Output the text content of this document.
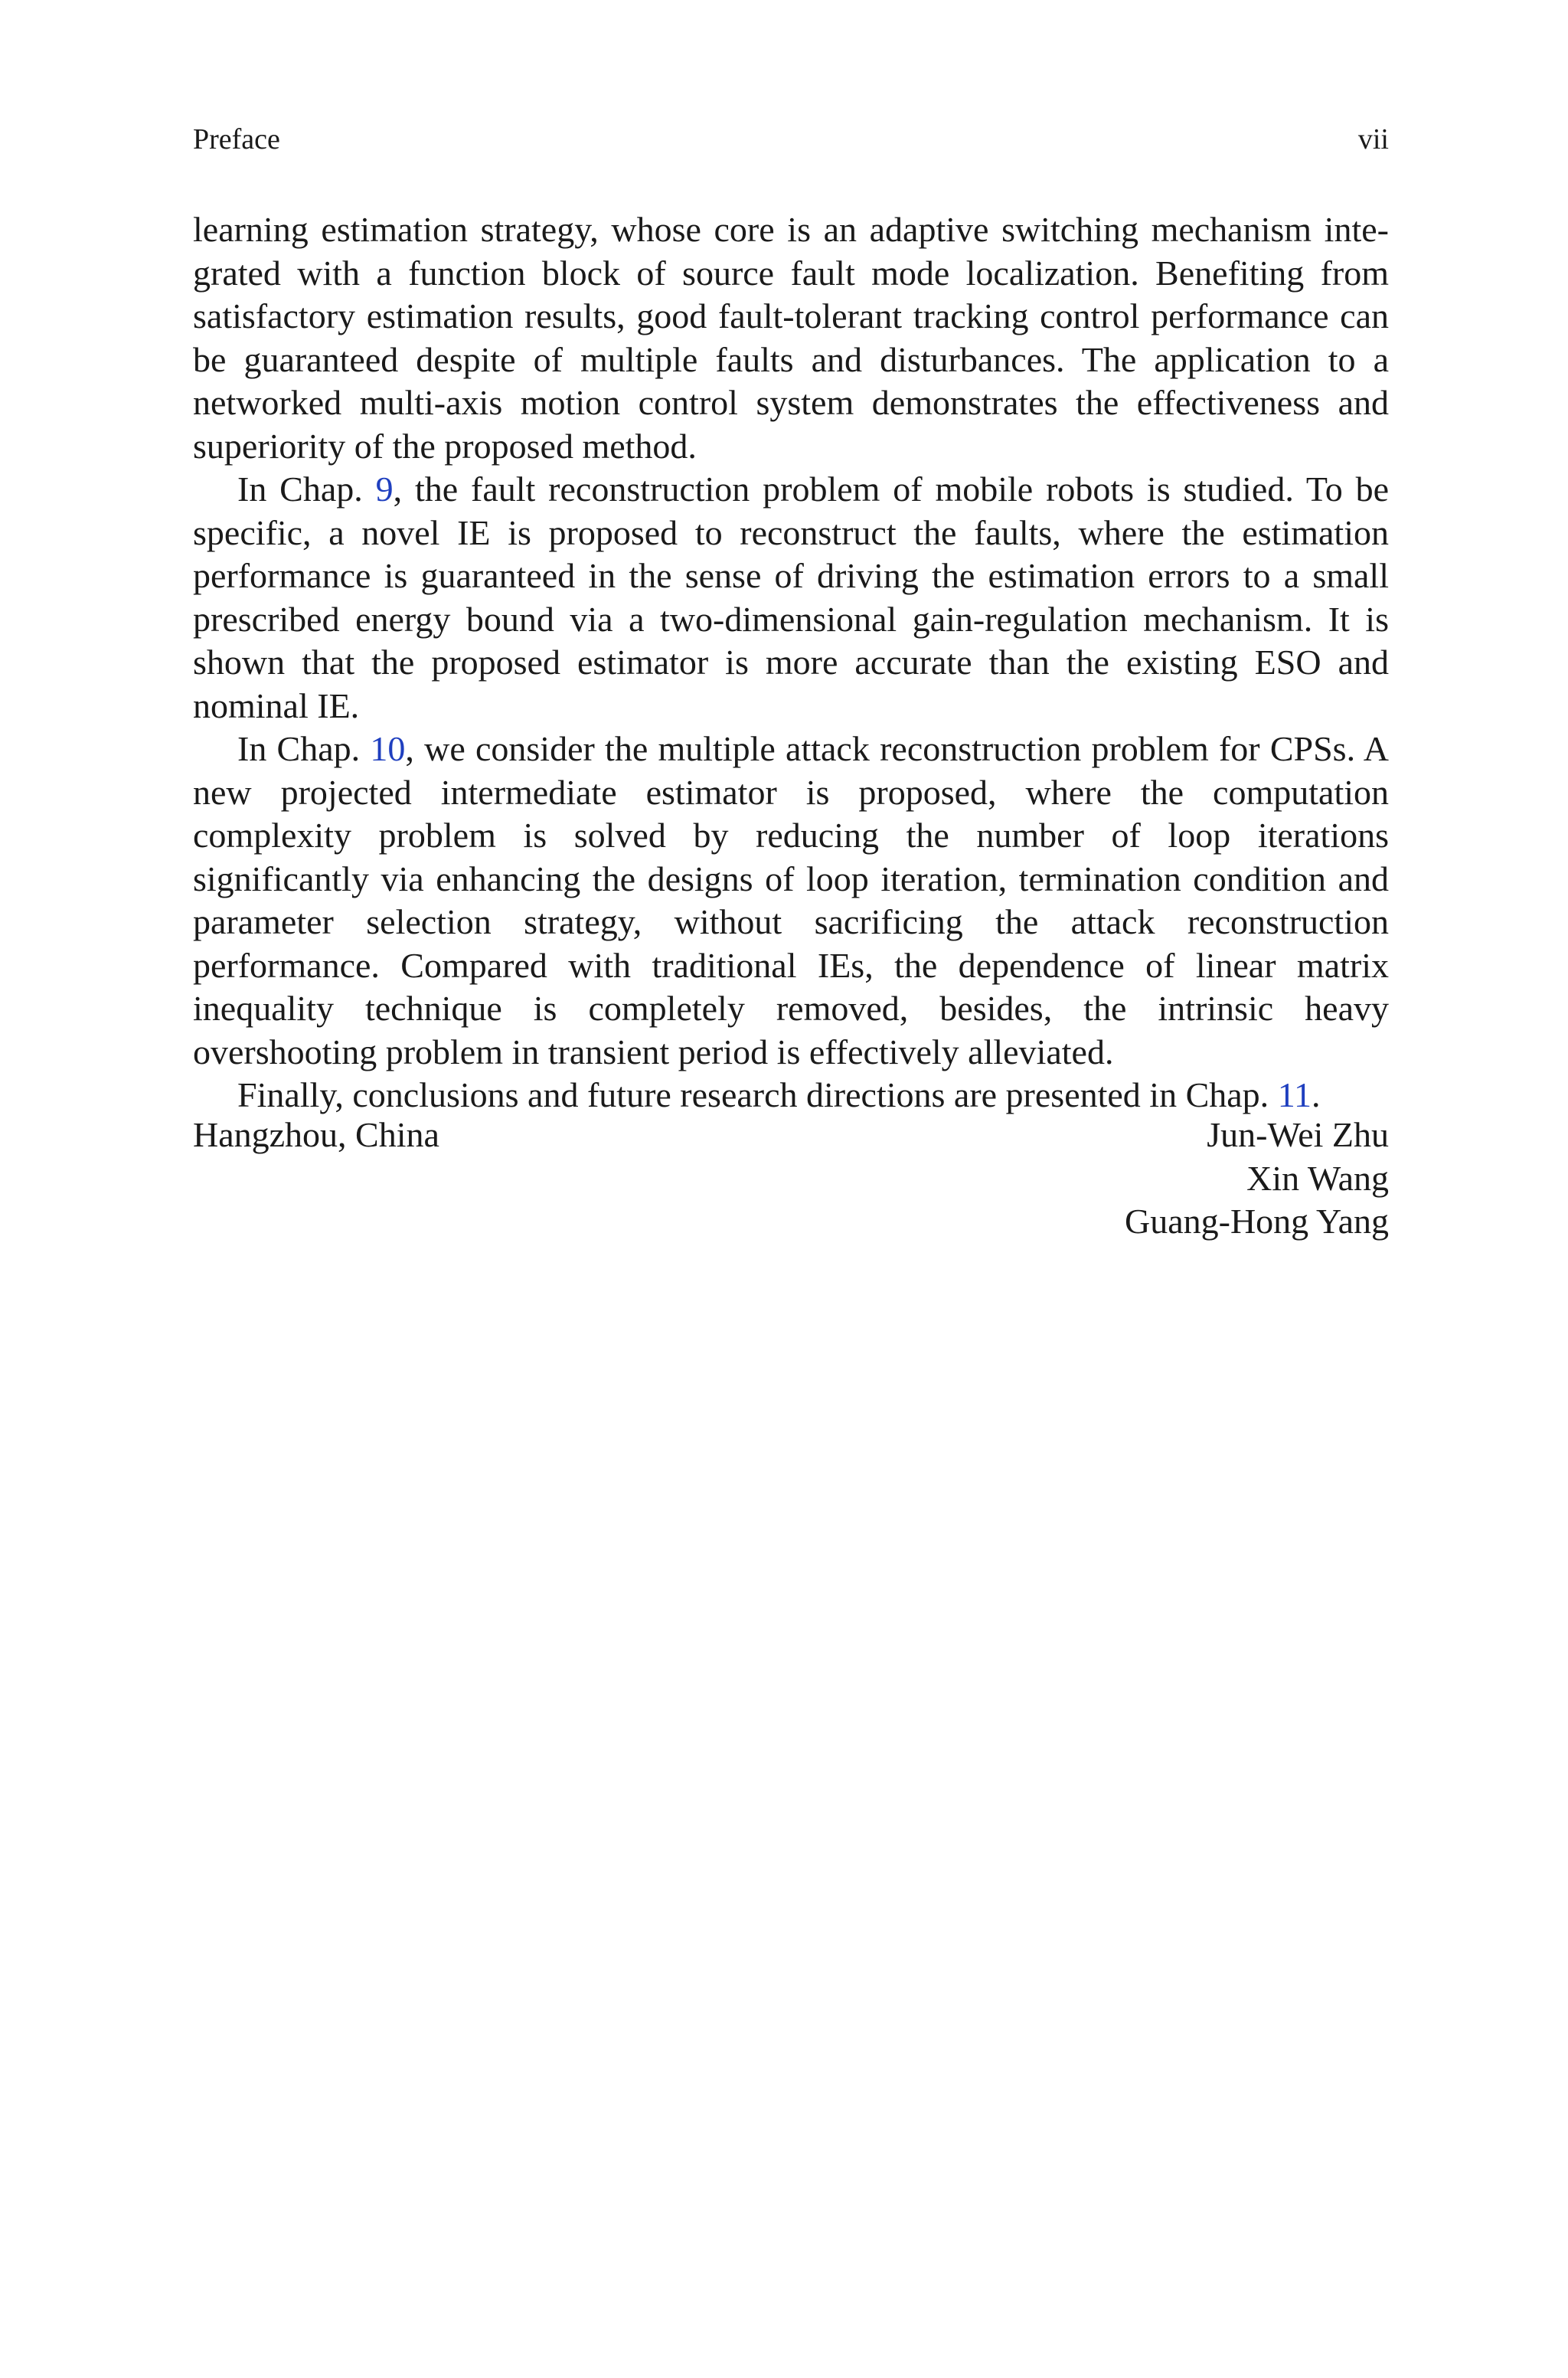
Preface	vii

learning estimation strategy, whose core is an adaptive switching mechanism integrated with a function block of source fault mode localization. Benefiting from satisfactory estimation results, good fault-tolerant tracking control performance can be guaranteed despite of multiple faults and disturbances. The application to a networked multi-axis motion control system demonstrates the effectiveness and superiority of the proposed method.

In Chap. 9, the fault reconstruction problem of mobile robots is studied. To be specific, a novel IE is proposed to reconstruct the faults, where the estimation performance is guaranteed in the sense of driving the estimation errors to a small prescribed energy bound via a two-dimensional gain-regulation mechanism. It is shown that the proposed estimator is more accurate than the existing ESO and nominal IE.

In Chap. 10, we consider the multiple attack reconstruction problem for CPSs. A new projected intermediate estimator is proposed, where the computation complexity problem is solved by reducing the number of loop iterations significantly via enhancing the designs of loop iteration, termination condition and parameter selection strategy, without sacrificing the attack reconstruction performance. Compared with traditional IEs, the dependence of linear matrix inequality technique is completely removed, besides, the intrinsic heavy overshooting problem in transient period is effectively alleviated.

Finally, conclusions and future research directions are presented in Chap. 11.

Hangzhou, China	Jun-Wei Zhu
Xin Wang
Guang-Hong Yang
